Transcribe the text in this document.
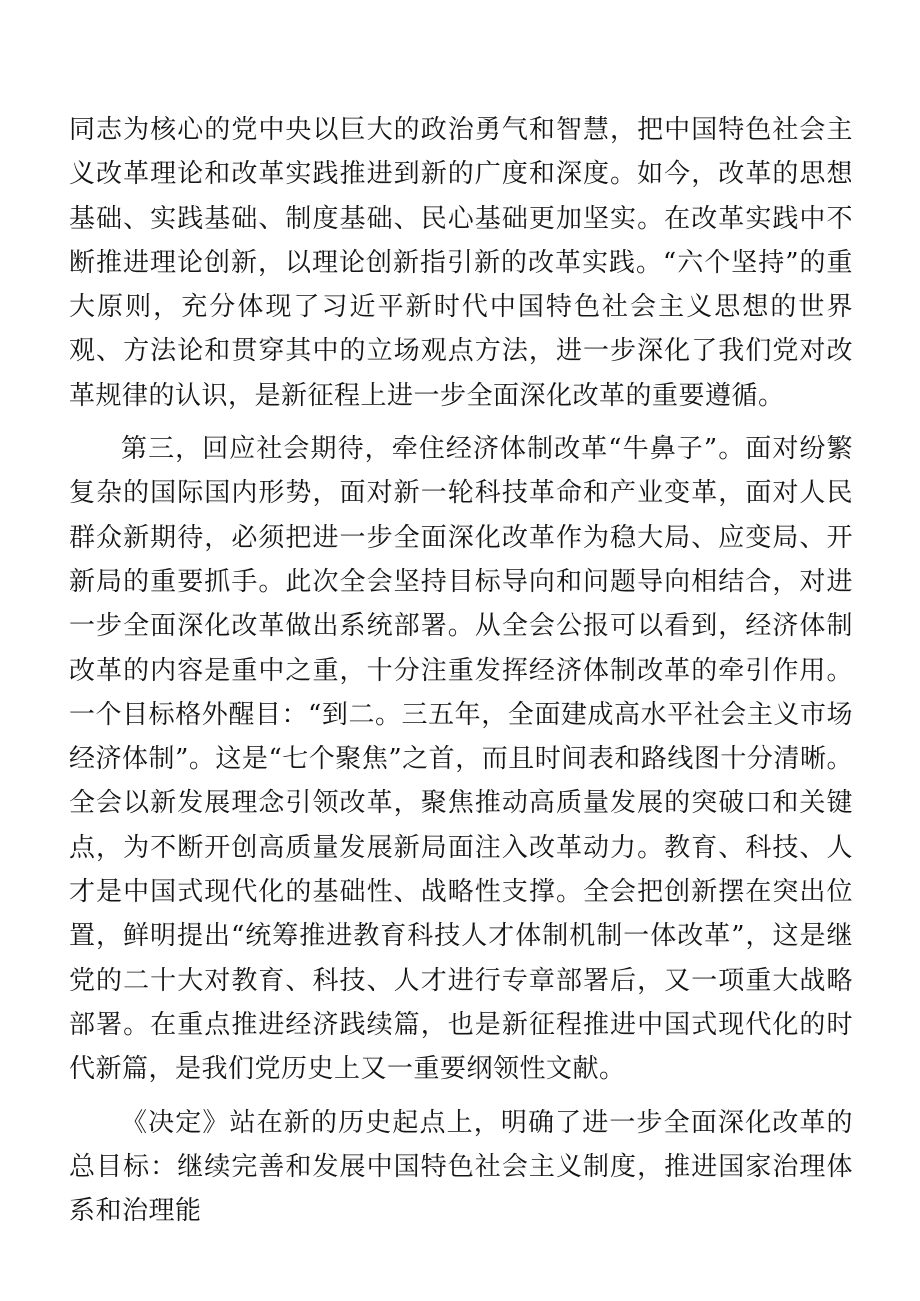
同志为核心的党中央以巨大的政治勇气和智慧，把中国特色社会主义改革理论和改革实践推进到新的广度和深度。如今，改革的思想基础、实践基础、制度基础、民心基础更加坚实。在改革实践中不断推进理论创新，以理论创新指引新的改革实践。“六个坚持”的重大原则，充分体现了习近平新时代中国特色社会主义思想的世界观、方法论和贯穿其中的立场观点方法，进一步深化了我们党对改革规律的认识，是新征程上进一步全面深化改革的重要遵循。

第三，回应社会期待，牵住经济体制改革“牛鼻子”。面对纷繁复杂的国际国内形势，面对新一轮科技革命和产业变革，面对人民群众新期待，必须把进一步全面深化改革作为稳大局、应变局、开新局的重要抓手。此次全会坚持目标导向和问题导向相结合，对进一步全面深化改革做出系统部署。从全会公报可以看到，经济体制改革的内容是重中之重，十分注重发挥经济体制改革的牵引作用。一个目标格外醒目：“到二。三五年，全面建成高水平社会主义市场经济体制”。这是“七个聚焦”之首，而且时间表和路线图十分清晰。全会以新发展理念引领改革，聚焦推动高质量发展的突破口和关键点，为不断开创高质量发展新局面注入改革动力。教育、科技、人才是中国式现代化的基础性、战略性支撑。全会把创新摆在突出位置，鲜明提出“统筹推进教育科技人才体制机制一体改革”，这是继党的二十大对教育、科技、人才进行专章部署后，又一项重大战略部署。在重点推进经济践续篇，也是新征程推进中国式现代化的时代新篇，是我们党历史上又一重要纲领性文献。

《决定》站在新的历史起点上，明确了进一步全面深化改革的总目标：继续完善和发展中国特色社会主义制度，推进国家治理体系和治理能
